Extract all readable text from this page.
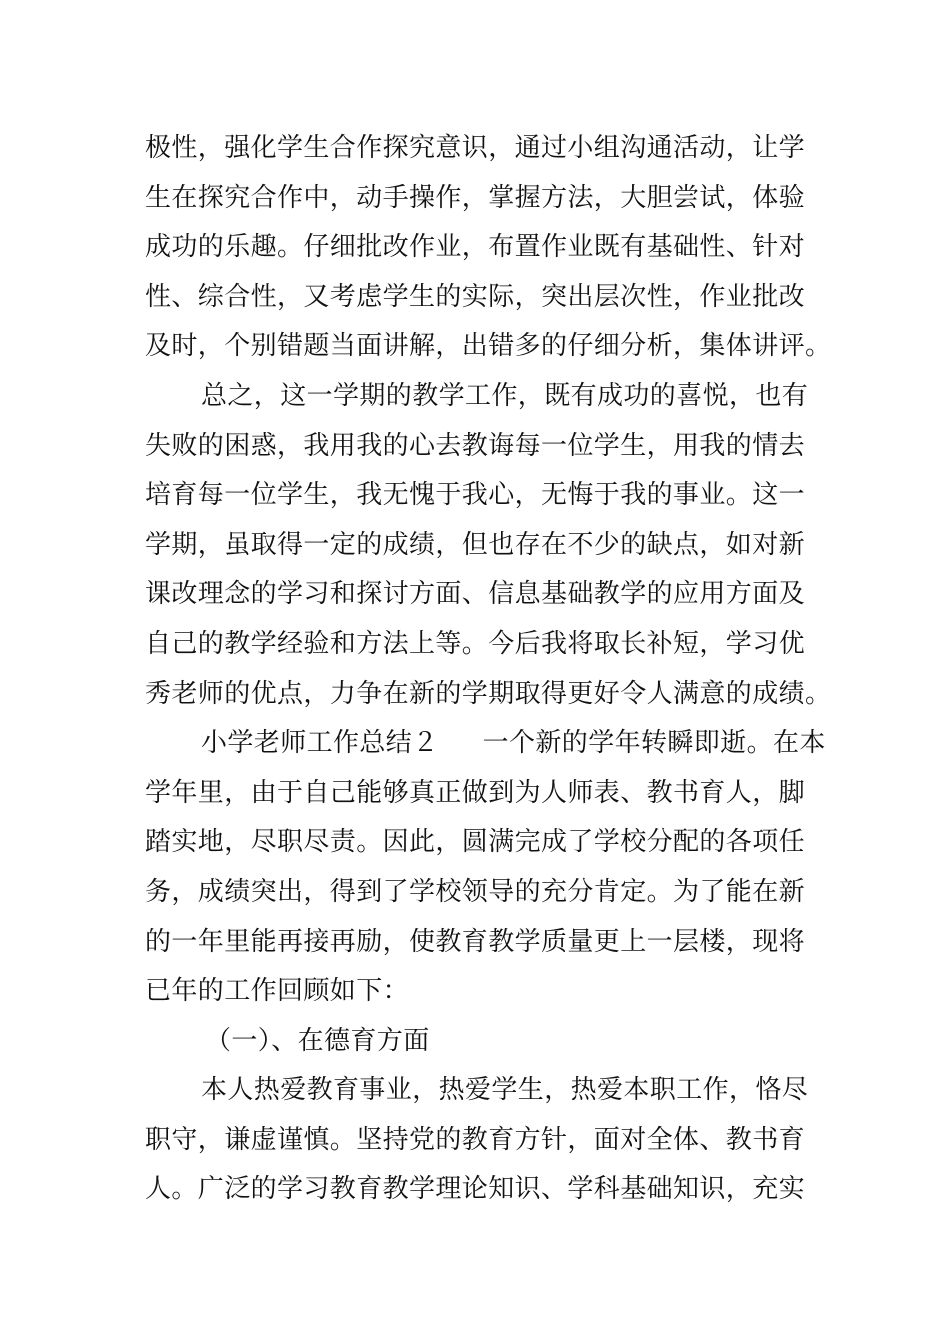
极性，强化学生合作探究意识，通过小组沟通活动，让学
生在探究合作中，动手操作，掌握方法，大胆尝试，体验
成功的乐趣。仔细批改作业，布置作业既有基础性、针对
性、综合性，又考虑学生的实际，突出层次性，作业批改
及时，个别错题当面讲解，出错多的仔细分析，集体讲评。
总之，这一学期的教学工作，既有成功的喜悦，也有
失败的困惑，我用我的心去教诲每一位学生，用我的情去
培育每一位学生，我无愧于我心，无悔于我的事业。这一
学期，虽取得一定的成绩，但也存在不少的缺点，如对新
课改理念的学习和探讨方面、信息基础教学的应用方面及
自己的教学经验和方法上等。今后我将取长补短，学习优
秀老师的优点，力争在新的学期取得更好令人满意的成绩。
小学老师工作总结２ 一个新的学年转瞬即逝。在本
学年里，由于自己能够真正做到为人师表、教书育人，脚
踏实地，尽职尽责。因此，圆满完成了学校分配的各项任
务，成绩突出，得到了学校领导的充分肯定。为了能在新
的一年里能再接再励，使教育教学质量更上一层楼，现将
已年的工作回顾如下：
（一）、在德育方面
本人热爱教育事业，热爱学生，热爱本职工作，恪尽
职守，谦虚谨慎。坚持党的教育方针，面对全体、教书育
人。广泛的学习教育教学理论知识、学科基础知识，充实
